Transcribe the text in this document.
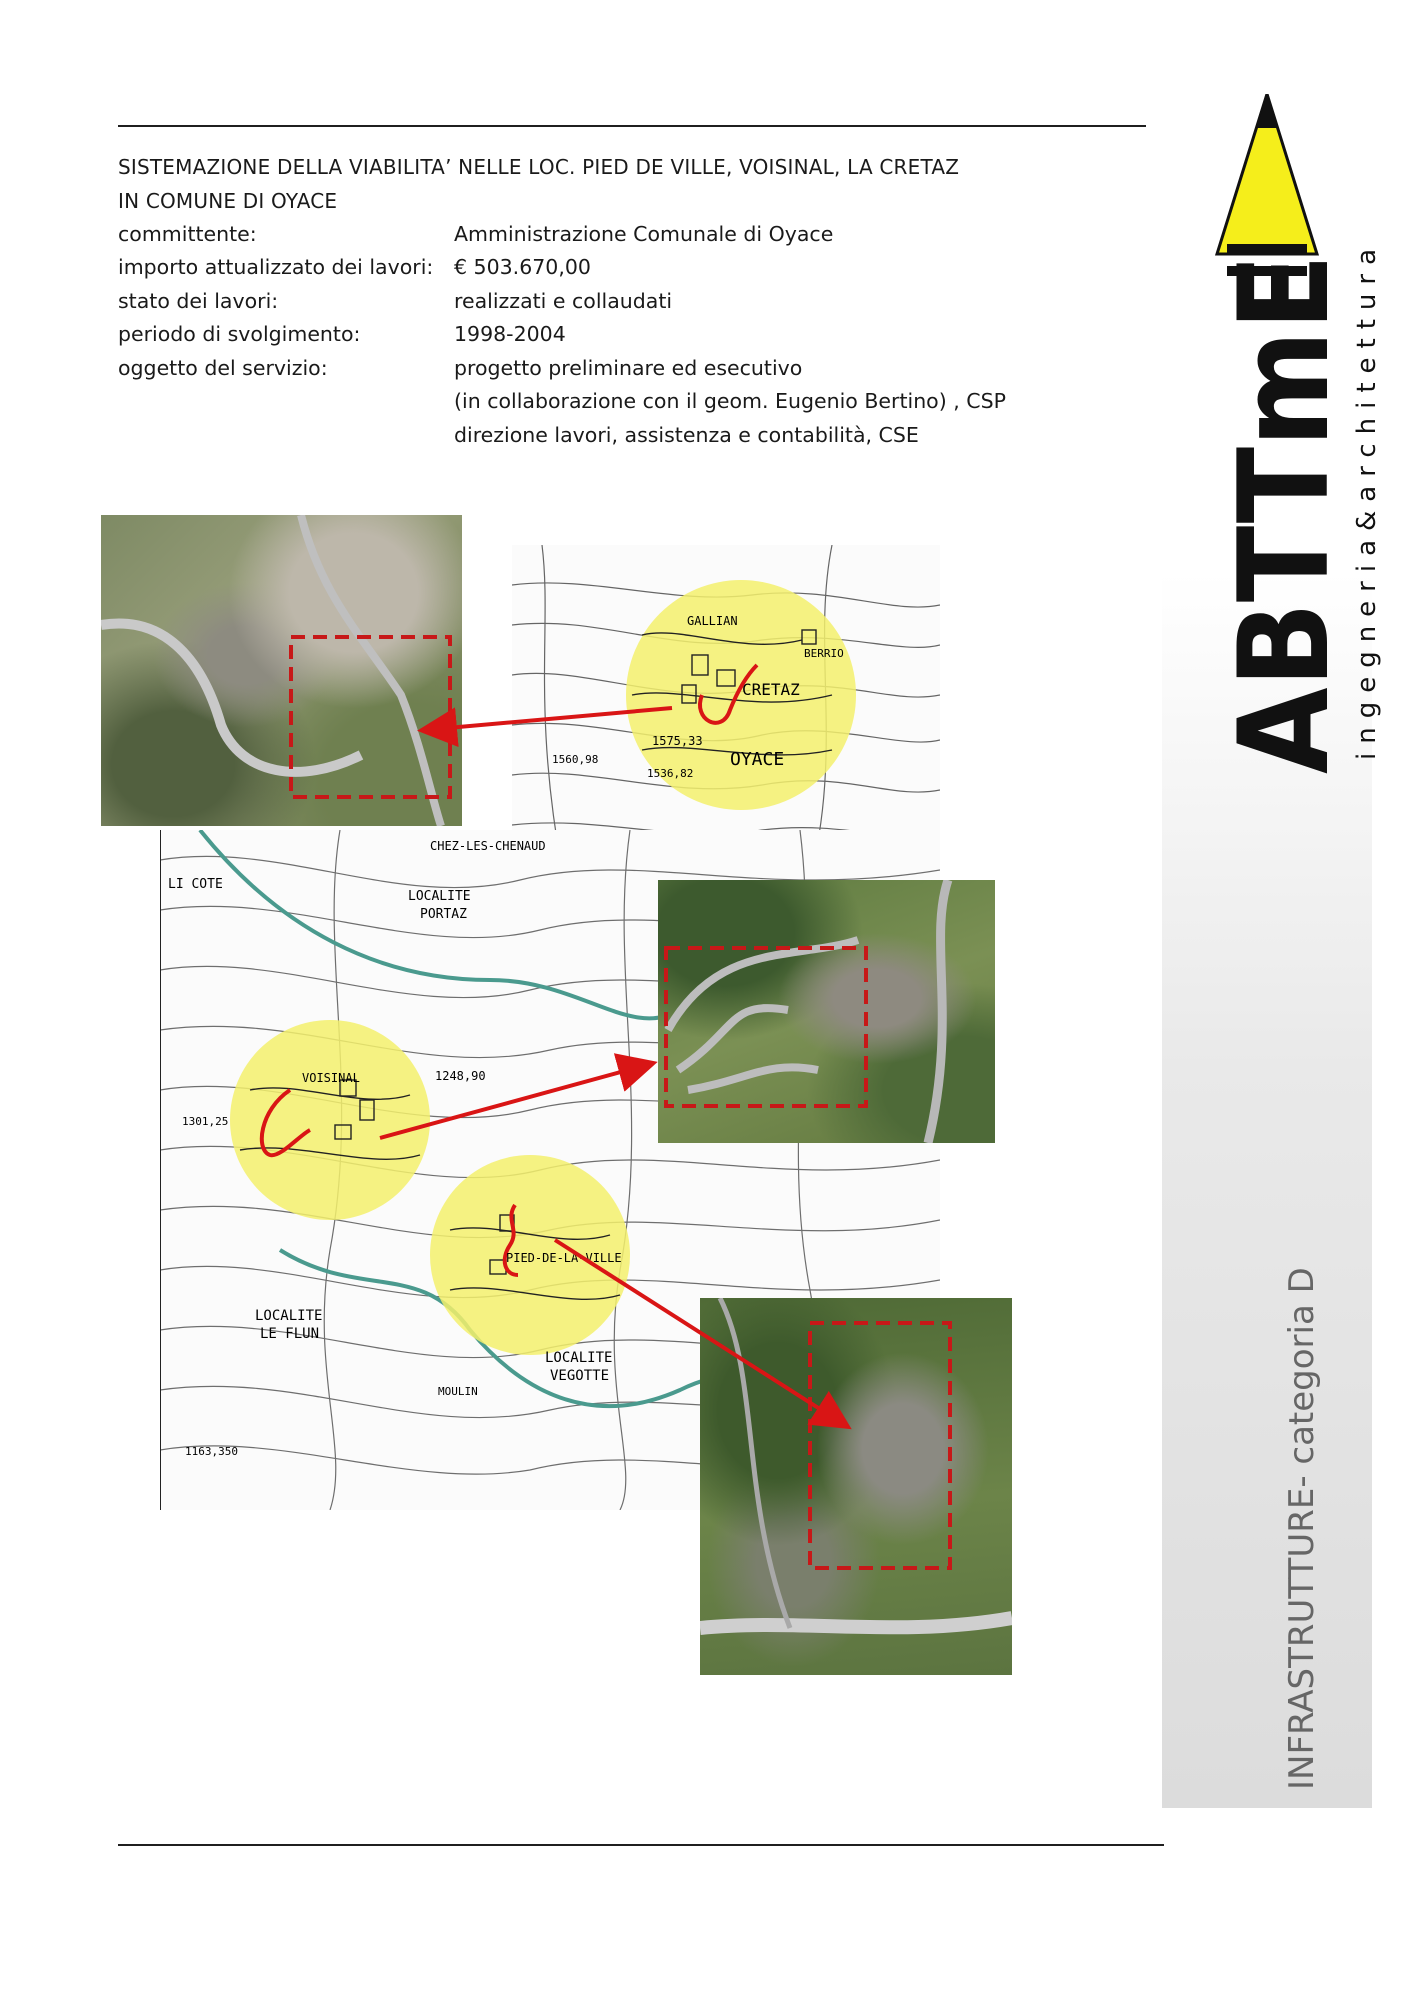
SISTEMAZIONE DELLA VIABILITA’ NELLE LOC. PIED DE VILLE, VOISINAL, LA CRETAZ
IN COMUNE DI OYACE
committente:	Amministrazione Comunale di Oyace
importo attualizzato dei lavori: € 503.670,00
stato dei lavori:	realizzati e collaudati
periodo di svolgimento:	1998-2004
oggetto del servizio:	progetto preliminare ed esecutivo
(in collaborazione con il geom. Eugenio Bertino) , CSP
direzione lavori, assistenza e contabilità, CSE
INFRASTRUTTURE- categoria D
ABTTmE
ingegneria&architettura
GALLIAN
BERRIO
CRETAZ
OYACE
1575,33
1560,98
1536,82
CHEZ-LES-CHENAUD
LI COTE
LOCALITE
PORTAZ
VOISINAL	1248,90
1301,25
PIED-DE-LA-VILLE
LOCALITE
LE FLUN
LOCALITE
VEGOTTE
MOULIN
1163,350
